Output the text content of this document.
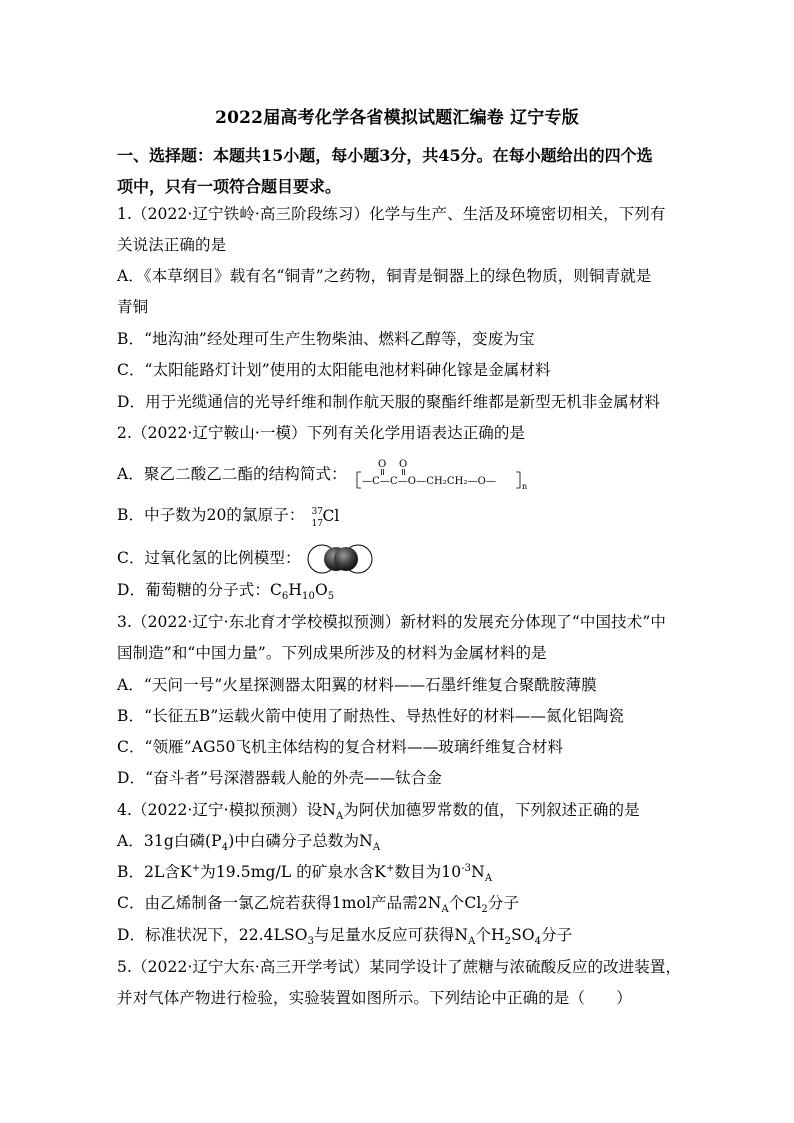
2022届高考化学各省模拟试题汇编卷 辽宁专版
一、选择题：本题共15小题，每小题3分，共45分。在每小题给出的四个选
项中，只有一项符合题目要求。
1.（2022·辽宁铁岭·高三阶段练习）化学与生产、生活及环境密切相关，下列有
关说法正确的是
A．《本草纲目》载有名“铜青”之药物，铜青是铜器上的绿色物质，则铜青就是
青铜
B．“地沟油”经处理可生产生物柴油、燃料乙醇等，变废为宝
C．“太阳能路灯计划”使用的太阳能电池材料砷化镓是金属材料
D．用于光缆通信的光导纤维和制作航天服的聚酯纤维都是新型无机非金属材料
2.（2022·辽宁鞍山·一模）下列有关化学用语表达正确的是
A．聚乙二酸乙二酯的结构简式：
O O
—C—C—O—CH₂CH₂—O—	n
B．中子数为20的氯原子： 37
17 Cl
C．过氧化氢的比例模型：
D．葡萄糖的分子式：$C_6H_{10}O_5$
3.（2022·辽宁·东北育才学校模拟预测）新材料的发展充分体现了“中国技术”中
国制造”和“中国力量”。下列成果所涉及的材料为金属材料的是
A．“天问一号”火星探测器太阳翼的材料——石墨纤维复合聚酰胺薄膜
B．“长征五B”运载火箭中使用了耐热性、导热性好的材料——氮化铝陶瓷
C．“领雁”AG50飞机主体结构的复合材料——玻璃纤维复合材料
D．“奋斗者”号深潜器载人舱的外壳——钛合金
4.（2022·辽宁·模拟预测）设$N_A$为阿伏加德罗常数的值，下列叙述正确的是
A．31g白磷$(P_4)$中白磷分子总数为$N_A$
B．2L含K+为19.5mg/L 的矿泉水含K+数目为$10^{-3}N_A$
C．由乙烯制备一氯乙烷若获得1mol产品需$2N_A$个$Cl_2$分子
D．标准状况下，$22.4LSO_3$与足量水反应可获得$N_A$个$H_2SO_4$分子
5.（2022·辽宁大东·高三开学考试）某同学设计了蔗糖与浓硫酸反应的改进装置，
并对气体产物进行检验，实验装置如图所示。下列结论中正确的是（　　）
